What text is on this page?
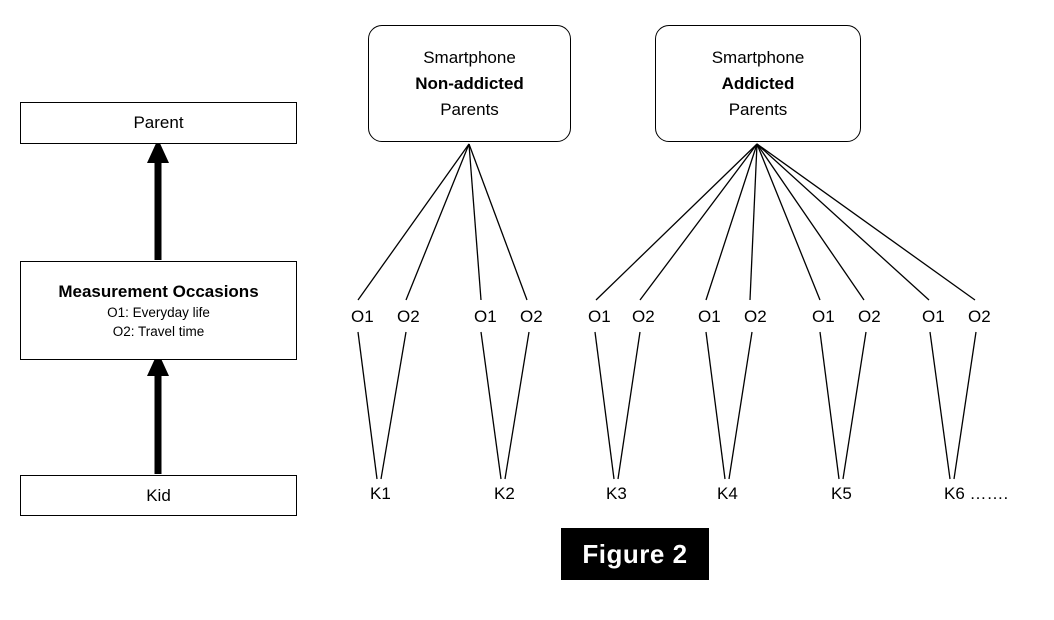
Parent
Measurement Occasions
O1: Everyday life
O2: Travel time
Kid
Smartphone
Non-addicted
Parents
Smartphone
Addicted
Parents
O1 O2	O1 O2	O1 O2	O1 O2	O1 O2 O1 O2
K1	K2	K3	K4	K5	K6 …….
Figure 2
